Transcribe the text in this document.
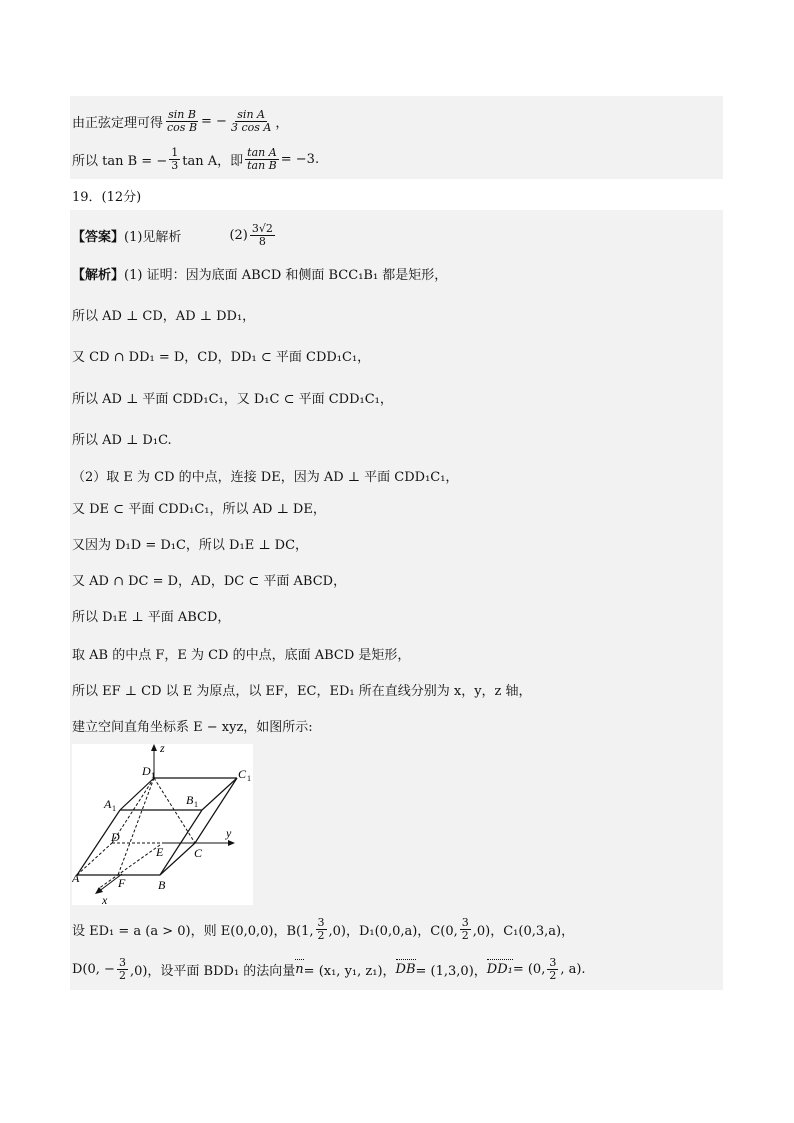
由正弦定理可得 $\frac{\text{sin B}}{\text{cos B}}$ = − $\frac{\text{sin A}}{\text{3 cos A}}$ ，
所以 tan B = − $\frac{1}{3}$ tan A，即 $\frac{\text{tan A}}{\text{tan B}} = -3$.
19．(12分)
【答案】 (1)见解析	$(2) \frac{3√2}{8}$
【解析】 (1) 证明：因为底面 ABCD 和侧面 BCC₁B₁ 都是矩形，
所以 AD ⊥ CD，AD ⊥ DD₁，
又 CD ∩ DD₁ = D，CD，DD₁ ⊂ 平面 CDD₁C₁，
所以 AD ⊥ 平面 CDD₁C₁，又 D₁C ⊂ 平面 CDD₁C₁，
所以 AD ⊥ D₁C.
（2）取 E 为 CD 的中点，连接 DE，因为 AD ⊥ 平面 CDD₁C₁，
又 DE ⊂ 平面 CDD₁C₁，所以 AD ⊥ DE，
又因为 D₁D = D₁C，所以 D₁E ⊥ DC，
又 AD ∩ DC = D，AD，DC ⊂ 平面 ABCD，
所以 D₁E ⊥ 平面 ABCD，
取 AB 的中点 F，E 为 CD 的中点，底面 ABCD 是矩形，
所以 EF ⊥ CD 以 E 为原点，以 EF，EC，ED₁ 所在直线分别为 x，y，z 轴，
建立空间直角坐标系 E − xyz，如图所示:
z
y
x
D 1	C 1
A 1
B 1
D
E	C
A	B
F
设 ED₁ = a (a > 0)，则 E(0,0,0)，B(1, $\frac{3}{2} ,0$)，D₁(0,0,a)，C(0, $\frac{3}{2} ,0$)，C₁(0,3,a)，
D(0, − $\frac{3}{2} ,0$)，设平面 BDD₁ 的法向量 n = (x₁, y₁, z₁)， DB = (1,3,0)， DD₁ = (0, $\frac{3}{2}$ , a).
